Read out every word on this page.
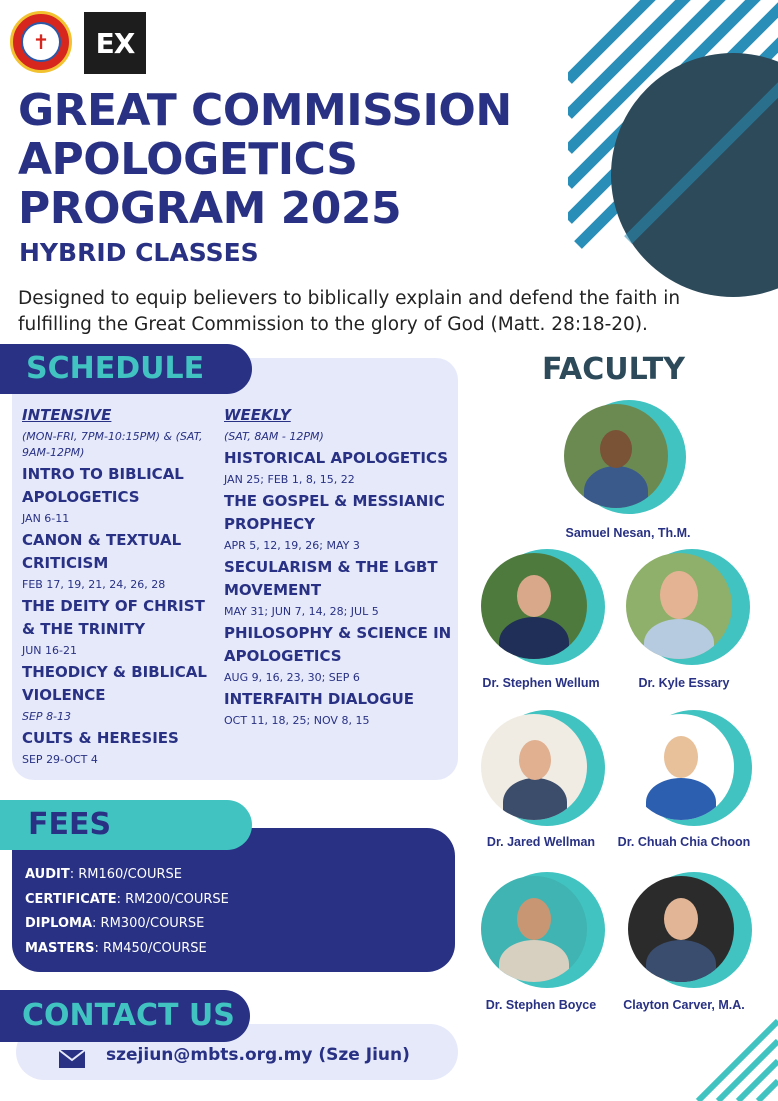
✝	EX
GREAT COMMISSION
APOLOGETICS
PROGRAM 2025
HYBRID CLASSES
Designed to equip believers to biblically explain and defend the faith in fulfilling the Great Commission to the glory of God (Matt. 28:18-20).
SCHEDULE
INTENSIVE
(MON-FRI, 7PM-10:15PM) & (SAT, 9AM-12PM)
INTRO TO BIBLICAL APOLOGETICS
JAN 6-11
CANON & TEXTUAL CRITICISM
FEB 17, 19, 21, 24, 26, 28
THE DEITY OF CHRIST & THE TRINITY
JUN 16-21
THEODICY & BIBLICAL VIOLENCE
SEP 8-13
CULTS & HERESIES
SEP 29-OCT 4
WEEKLY
(SAT, 8AM - 12PM)
HISTORICAL APOLOGETICS
JAN 25; FEB 1, 8, 15, 22
THE GOSPEL & MESSIANIC PROPHECY
APR 5, 12, 19, 26; MAY 3
SECULARISM & THE LGBT MOVEMENT
MAY 31; JUN 7, 14, 28; JUL 5
PHILOSOPHY & SCIENCE IN APOLOGETICS
AUG 9, 16, 23, 30; SEP 6
INTERFAITH DIALOGUE
OCT 11, 18, 25; NOV 8, 15
FEES
AUDIT: RM160/COURSE
CERTIFICATE: RM200/COURSE
DIPLOMA: RM300/COURSE
MASTERS: RM450/COURSE
CONTACT US
szejiun@mbts.org.my (Sze Jiun)
FACULTY
Samuel Nesan, Th.M.
Dr. Stephen Wellum	Dr. Kyle Essary
Dr. Jared Wellman	Dr. Chuah Chia Choon
Dr. Stephen Boyce	Clayton Carver, M.A.
